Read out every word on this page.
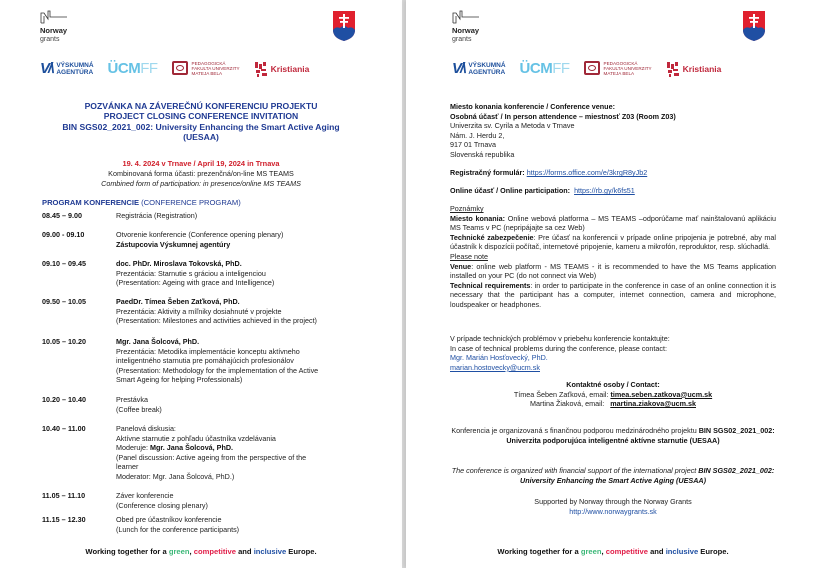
Norway
grants
V/\ VÝSKUMNÁ
AGENTÚRA ÜCMFF	PEDAGOGICKÁ
FAKULTA UNIVERZITY
MATEJA BELA
Kristiania
POZVÁNKA NA ZÁVEREČNÚ KONFERENCIU PROJEKTU
PROJECT CLOSING CONFERENCE INVITATION
BIN SGS02_2021_002: University Enhancing the Smart Active Aging
(UESAA)
19. 4. 2024 v Trnave / April 19, 2024 in Trnava
Kombinovaná forma účasti: prezenčná/on-line MS TEAMS
Combined form of participation: in presence/online MS TEAMS
PROGRAM KONFERENCIE (CONFERENCE PROGRAM)
08.45 – 9.00	Registrácia (Registration)
09.00 - 09.10	Otvorenie konferencie (Conference opening plenary)
Zástupcovia Výskumnej agentúry
09.10 – 09.45	doc. PhDr. Miroslava Tokovská, PhD.
Prezentácia: Starnutie s gráciou a inteligenciou
(Presentation: Ageing with grace and Intelligence)
09.50 – 10.05	PaedDr. Tímea Šeben Zaťková, PhD.
Prezentácia: Aktivity a míľniky dosiahnuté v projekte
(Presentation: Milestones and activities achieved in the project)
10.05 – 10.20	Mgr. Jana Šolcová, PhD.
Prezentácia: Metodika implementácie konceptu aktívneho
inteligentného starnutia pre pomáhajúcich profesionálov
(Presentation: Methodology for the implementation of the Active
Smart Ageing for helping Professionals)
10.20 – 10.40	Prestávka
(Coffee break)
10.40 – 11.00	Panelová diskusia:
Aktívne starnutie z pohľadu účastníka vzdelávania
Moderuje: Mgr. Jana Šolcová, PhD.
(Panel discussion: Active ageing from the perspective of the
learner
Moderator: Mgr. Jana Šolcová, PhD.)
11.05 – 11.10	Záver konferencie
(Conference closing plenary)
11.15 – 12.30	Obed pre účastníkov konferencie
(Lunch for the conference participants)
Working together for a green, competitive and inclusive Europe.
Norway
grants
V/\ VÝSKUMNÁ
AGENTÚRA ÜCMFF	PEDAGOGICKÁ
FAKULTA UNIVERZITY
MATEJA BELA
Kristiania
Miesto konania konferencie / Conference venue:
Osobná účasť / In person attendence – miestnosť Z03 (Room Z03)
Univerzita sv. Cyrila a Metoda v Trnave
Nám. J. Herdu 2,
917 01 Trnava
Slovenská republika
Registračný formulár: https://forms.office.com/e/3krgR8yJb2
Online účasť / Online participation: https://rb.gy/k6fs51
Poznámky
Miesto konania: Online webová platforma – MS TEAMS –odporúčame mať nainštalovanú aplikáciu MS Teams v PC (nepripájajte sa cez Web)
Technické zabezpečenie: Pre účasť na konferencii v prípade online pripojenia je potrebné, aby mal účastník k dispozícii počítač, internetové pripojenie, kameru a mikrofón, reproduktor, resp. slúchadlá.
Please note
Venue: online web platform - MS TEAMS - it is recommended to have the MS Teams application installed on your PC (do not connect via Web)
Technical requirements: in order to participate in the conference in case of an online connection it is necessary that the participant has a computer, internet connection, camera and microphone, loudspeaker or headphones.
V prípade technických problémov v priebehu konferencie kontaktujte:
In case of technical problems during the conference, please contact:
Mgr. Marián Hosťovecký, PhD.
marian.hostovecky@ucm.sk
Kontaktné osoby / Contact:
Tímea Šeben Zaťková, email: timea.seben.zatkova@ucm.sk
Martina Žiaková, email:   martina.ziakova@ucm.sk
Konferencia je organizovaná s finančnou podporou medzinárodného projektu BIN SGS02_2021_002: Univerzita podporujúca inteligentné aktívne starnutie (UESAA)
The conference is organized with financial support of the international project BIN SGS02_2021_002: University Enhancing the Smart Active Aging (UESAA)
Supported by Norway through the Norway Grants
http://www.norwaygrants.sk
Working together for a green, competitive and inclusive Europe.
